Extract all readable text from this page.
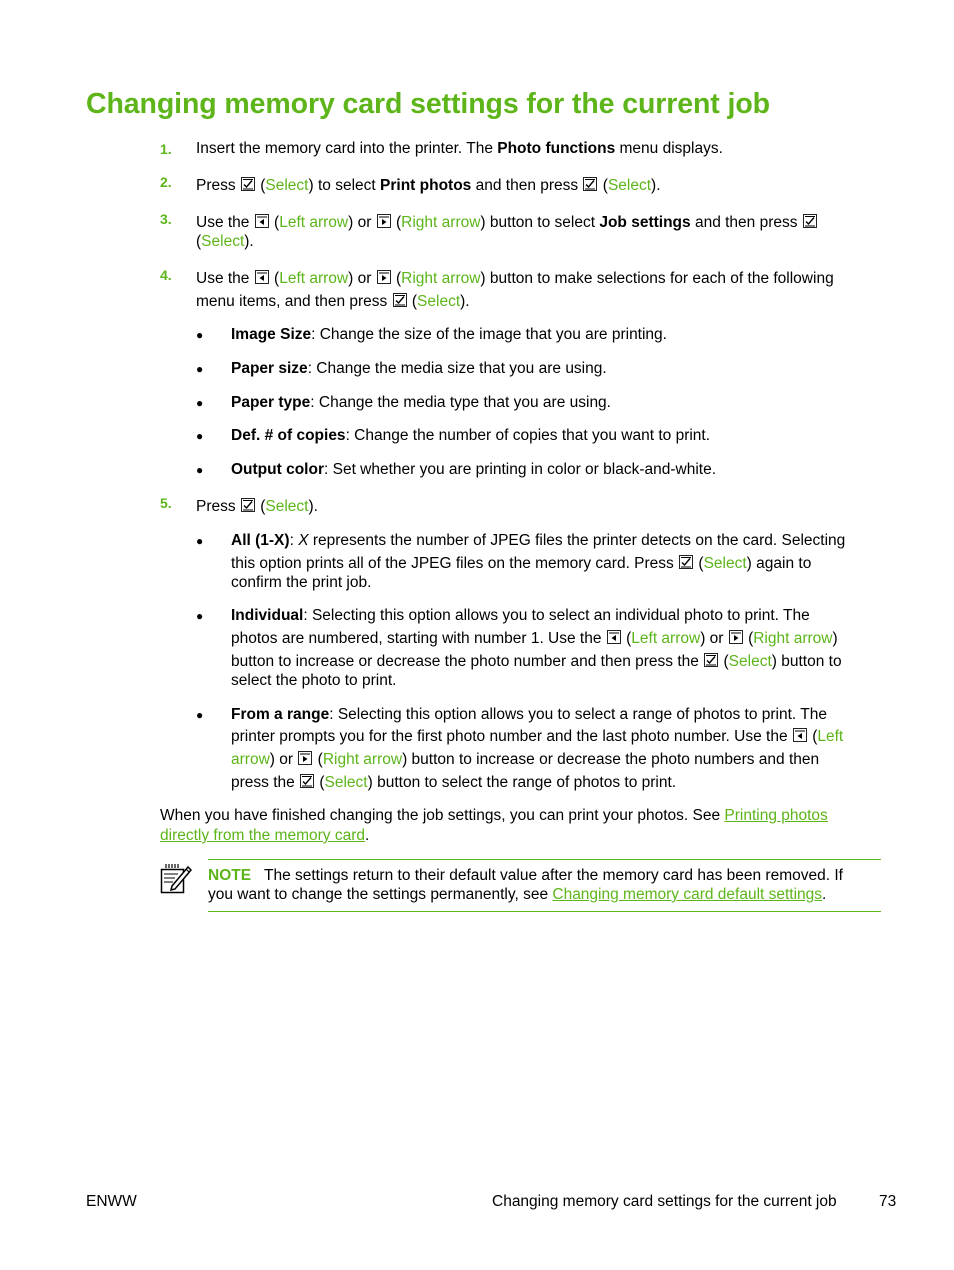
Changing memory card settings for the current job
1. Insert the memory card into the printer. The Photo functions menu displays.
2. Press
(Select) to select Print photos and then press
(Select).
3. Use the
(Left arrow) or
(Right arrow) button to select Job settings and then press
(Select).
4. Use the
(Left arrow) or
(Right arrow) button to make selections for each of the following
menu items, and then press
(Select).
● Image Size: Change the size of the image that you are printing.
● Paper size: Change the media size that you are using.
● Paper type: Change the media type that you are using.
● Def. # of copies: Change the number of copies that you want to print.
● Output color: Set whether you are printing in color or black-and-white.
5. Press
(Select).
● All (1-X): X represents the number of JPEG files the printer detects on the card. Selecting
this option prints all of the JPEG files on the memory card. Press
(Select) again to
confirm the print job.
● Individual: Selecting this option allows you to select an individual photo to print. The
photos are numbered, starting with number 1. Use the
(Left arrow) or
(Right arrow)
button to increase or decrease the photo number and then press the
(Select) button to
select the photo to print.
● From a range: Selecting this option allows you to select a range of photos to print. The
printer prompts you for the first photo number and the last photo number. Use the
(Left
arrow) or
(Right arrow) button to increase or decrease the photo numbers and then
press the
(Select) button to select the range of photos to print.
When you have finished changing the job settings, you can print your photos. See Printing photos
directly from the memory card.
NOTE The settings return to their default value after the memory card has been removed. If
you want to change the settings permanently, see Changing memory card default settings.
ENWW	Changing memory card settings for the current job	73
